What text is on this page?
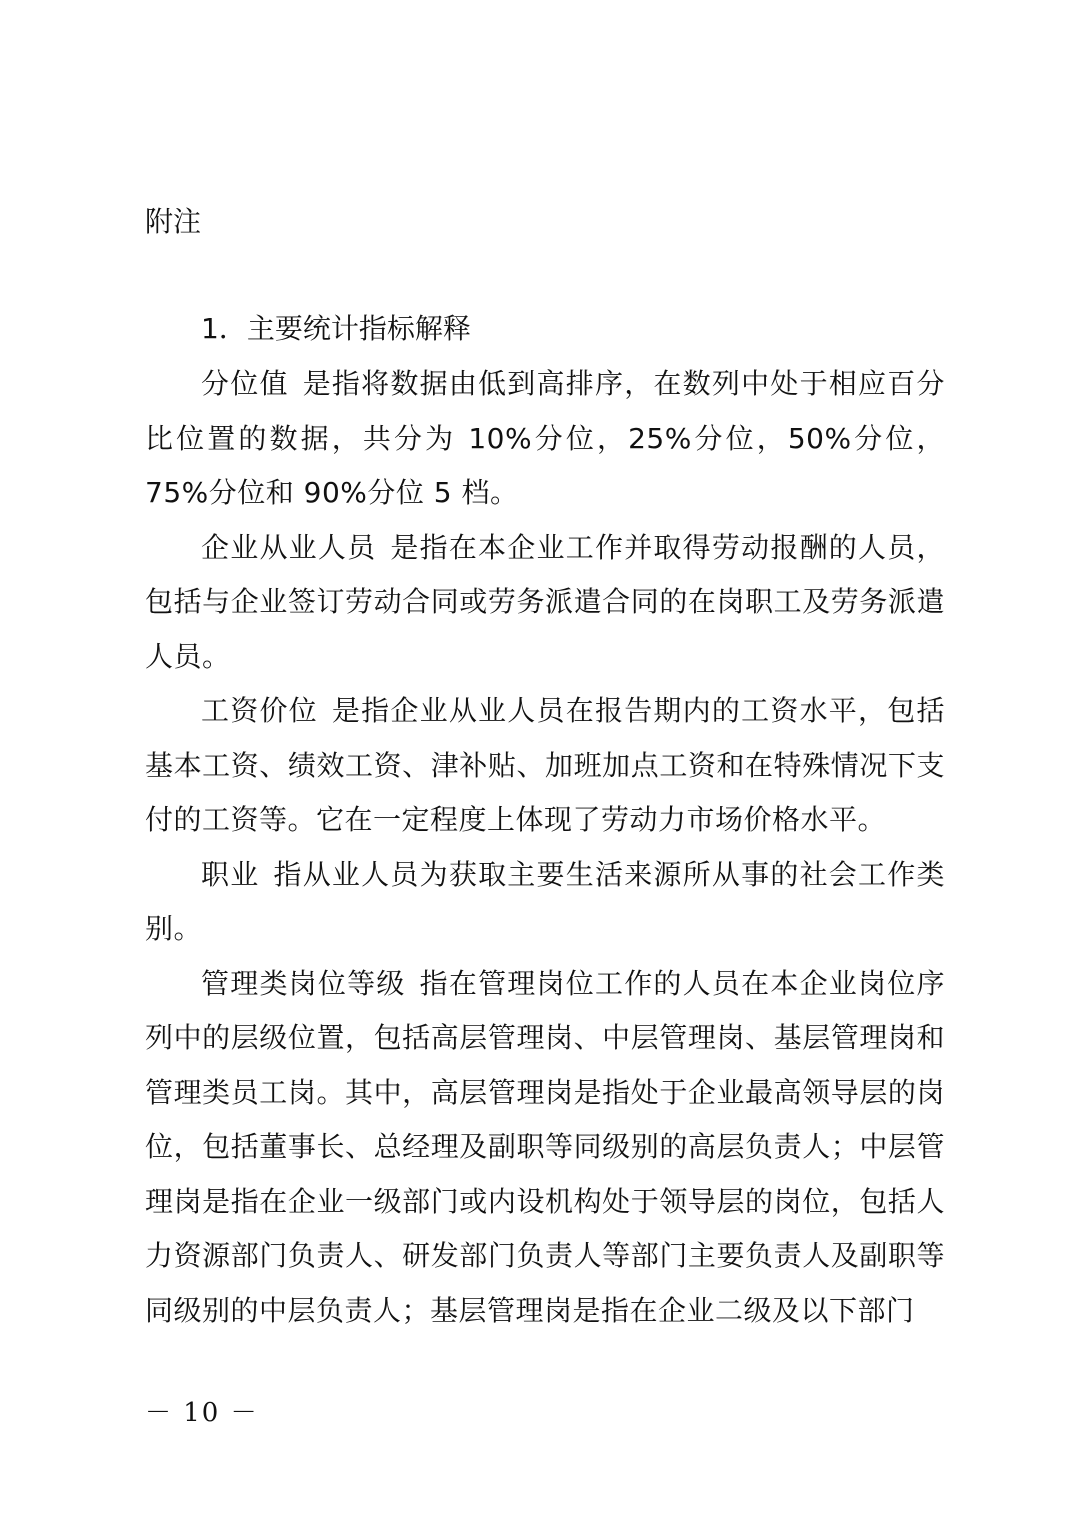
附注
1．主要统计指标解释

分位值 是指将数据由低到高排序，在数列中处于相应百分比位置的数据，共分为 10%分位，25%分位，50%分位，75%分位和 90%分位 5 档。

企业从业人员 是指在本企业工作并取得劳动报酬的人员，包括与企业签订劳动合同或劳务派遣合同的在岗职工及劳务派遣人员。

工资价位 是指企业从业人员在报告期内的工资水平，包括基本工资、绩效工资、津补贴、加班加点工资和在特殊情况下支付的工资等。它在一定程度上体现了劳动力市场价格水平。

职业 指从业人员为获取主要生活来源所从事的社会工作类别。

管理类岗位等级 指在管理岗位工作的人员在本企业岗位序列中的层级位置，包括高层管理岗、中层管理岗、基层管理岗和管理类员工岗。其中，高层管理岗是指处于企业最高领导层的岗位，包括董事长、总经理及副职等同级别的高层负责人；中层管理岗是指在企业一级部门或内设机构处于领导层的岗位，包括人力资源部门负责人、研发部门负责人等部门主要负责人及副职等同级别的中层负责人；基层管理岗是指在企业二级及以下部门

－ 10 －
